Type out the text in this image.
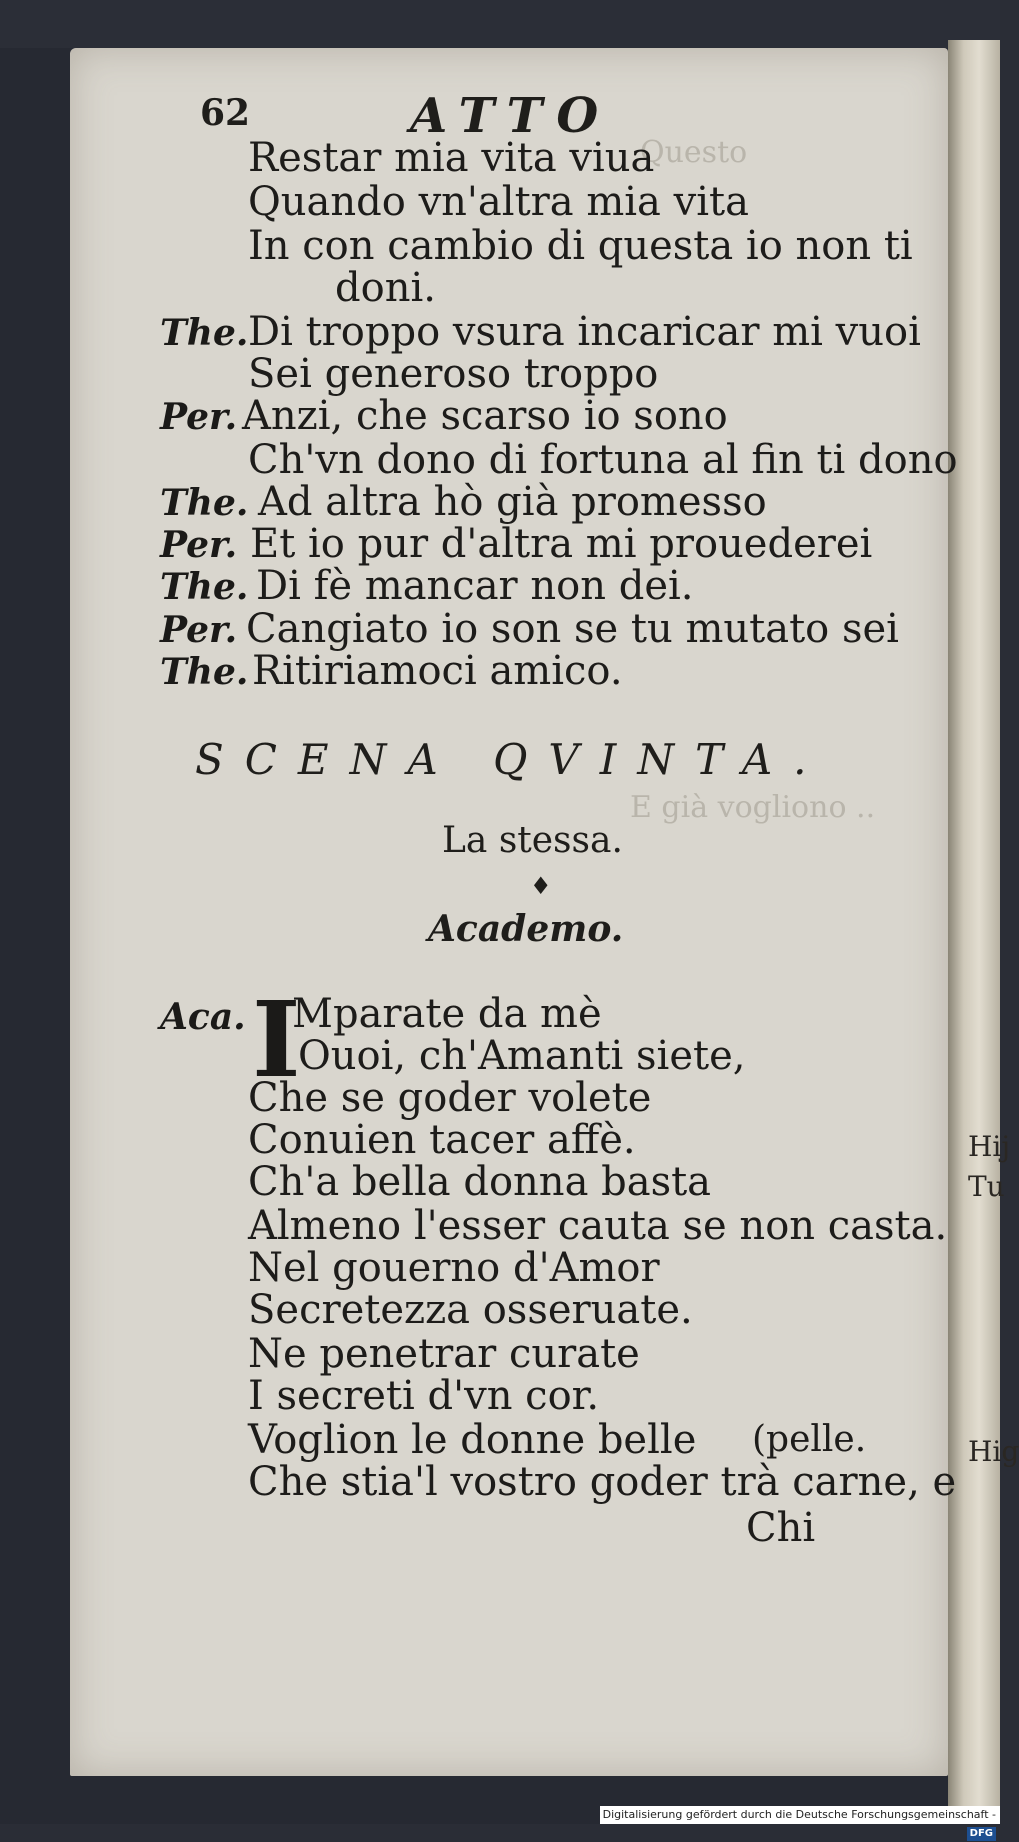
Questo
E già vogliono ..
62	ATTO
Restar mia vita viua
Quando vn'altra mia vita
In con cambio di questa io non ti
doni.
The. Di troppo vsura incaricar mi vuoi
Sei generoso troppo
Per. Anzi, che scarso io sono
Ch'vn dono di fortuna al fin ti dono
The. Ad altra hò già promesso
Per. Et io pur d'altra mi prouederei
The. Di fè mancar non dei.
Per. Cangiato io son se tu mutato sei
The. Ritiriamoci amico.
SCENA QVINTA.
La stessa.
♦
Academo.
Aca. I
Mparate da mè
Ouoi, ch'Amanti siete,
Che se goder volete
Conuien tacer affè.
Ch'a bella donna basta
Almeno l'esser cauta se non casta.
Nel gouerno d'Amor
Secretezza osseruate.
Ne penetrar curate
I secreti d'vn cor.
Voglion le donne belle (pelle.
Che stia'l vostro goder trà carne, e
Chi
Hij
Tu
Hig
Digitalisierung gefördert durch die Deutsche Forschungsgemeinschaft -DFG
